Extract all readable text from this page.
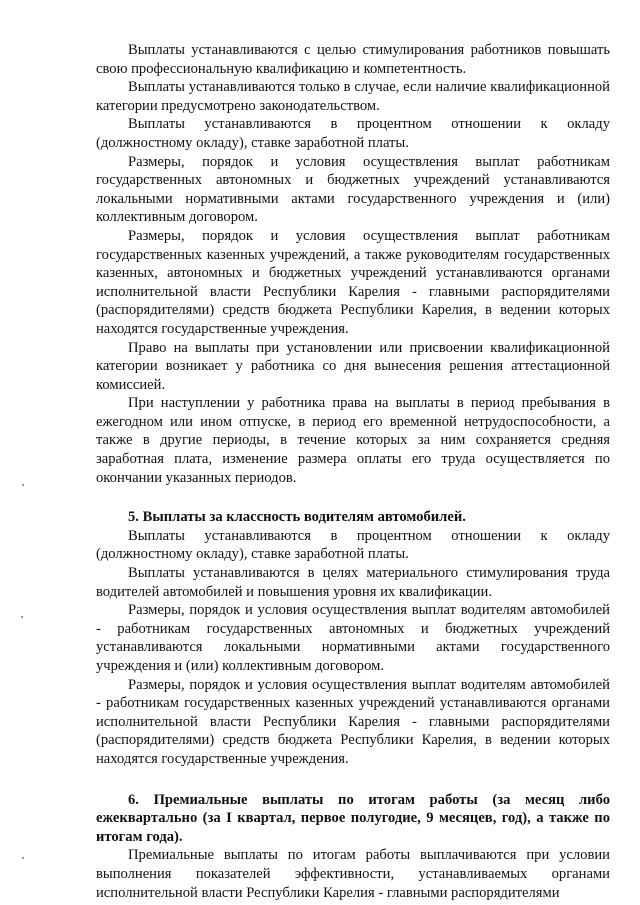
Выплаты устанавливаются с целью стимулирования работников повышать свою профессиональную квалификацию и компетентность.

Выплаты устанавливаются только в случае, если наличие квалификационной категории предусмотрено законодательством.

Выплаты устанавливаются в процентном отношении к окладу (должностному окладу), ставке заработной платы.

Размеры, порядок и условия осуществления выплат работникам государственных автономных и бюджетных учреждений устанавливаются локальными нормативными актами государственного учреждения и (или) коллективным договором.

Размеры, порядок и условия осуществления выплат работникам государственных казенных учреждений, а также руководителям государственных казенных, автономных и бюджетных учреждений устанавливаются органами исполнительной власти Республики Карелия - главными распорядителями (распорядителями) средств бюджета Республики Карелия, в ведении которых находятся государственные учреждения.

Право на выплаты при установлении или присвоении квалификационной категории возникает у работника со дня вынесения решения аттестационной комиссией.

При наступлении у работника права на выплаты в период пребывания в ежегодном или ином отпуске, в период его временной нетрудоспособности, а также в другие периоды, в течение которых за ним сохраняется средняя заработная плата, изменение размера оплаты его труда осуществляется по окончании указанных периодов.

5. Выплаты за классность водителям автомобилей.

Выплаты устанавливаются в процентном отношении к окладу (должностному окладу), ставке заработной платы.

Выплаты устанавливаются в целях материального стимулирования труда водителей автомобилей и повышения уровня их квалификации.

Размеры, порядок и условия осуществления выплат водителям автомобилей - работникам государственных автономных и бюджетных учреждений устанавливаются локальными нормативными актами государственного учреждения и (или) коллективным договором.

Размеры, порядок и условия осуществления выплат водителям автомобилей - работникам государственных казенных учреждений устанавливаются органами исполнительной власти Республики Карелия - главными распорядителями (распорядителями) средств бюджета Республики Карелия, в ведении которых находятся государственные учреждения.

6. Премиальные выплаты по итогам работы (за месяц либо ежеквартально (за I квартал, первое полугодие, 9 месяцев, год), а также по итогам года).

Премиальные выплаты по итогам работы выплачиваются при условии выполнения показателей эффективности, устанавливаемых органами исполнительной власти Республики Карелия - главными распорядителями
